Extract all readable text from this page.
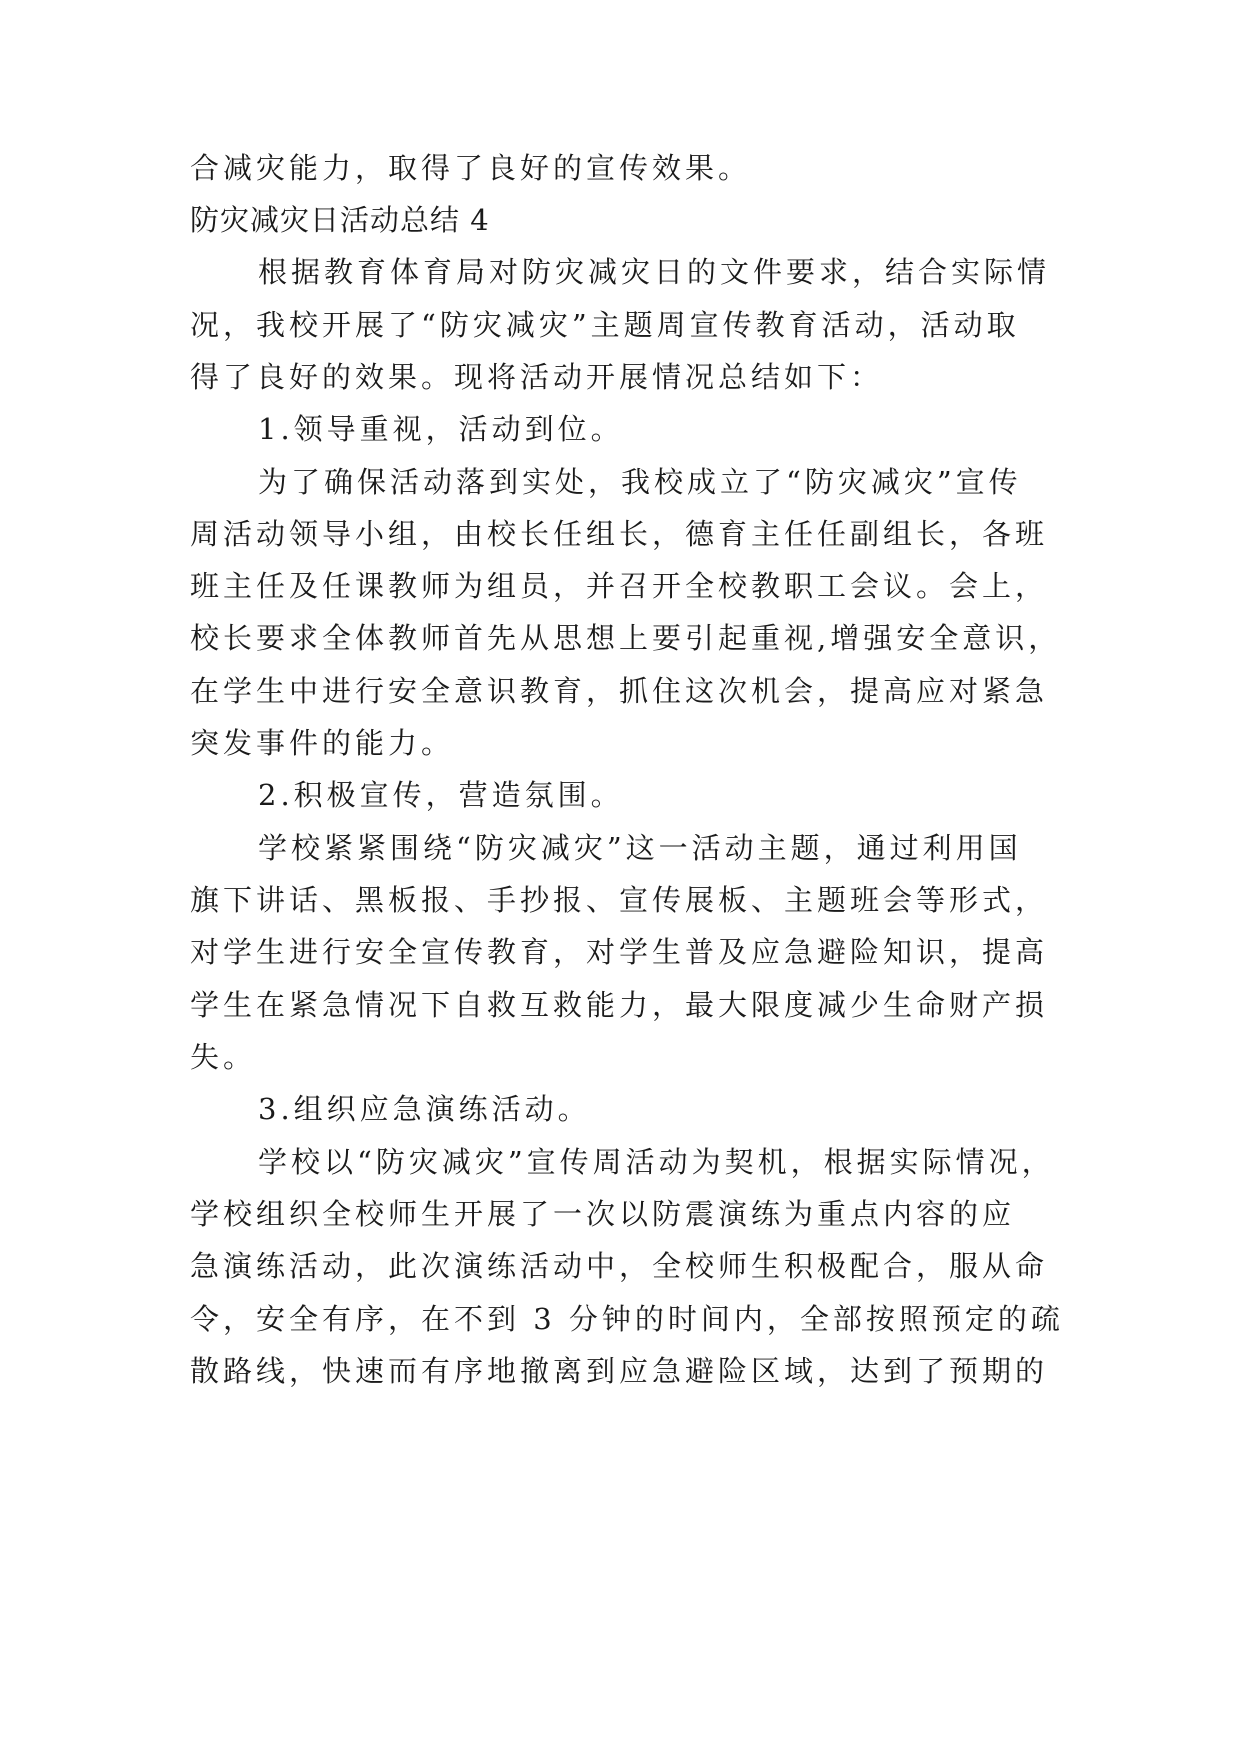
合减灾能力，取得了良好的宣传效果。
防灾减灾日活动总结 4
根据教育体育局对防灾减灾日的文件要求，结合实际情
况，我校开展了“防灾减灾”主题周宣传教育活动，活动取
得了良好的效果。现将活动开展情况总结如下：
1.领导重视，活动到位。
为了确保活动落到实处，我校成立了“防灾减灾”宣传
周活动领导小组，由校长任组长，德育主任任副组长，各班
班主任及任课教师为组员，并召开全校教职工会议。会上，
校长要求全体教师首先从思想上要引起重视,增强安全意识，
在学生中进行安全意识教育，抓住这次机会，提高应对紧急
突发事件的能力。
2.积极宣传，营造氛围。
学校紧紧围绕“防灾减灾”这一活动主题，通过利用国
旗下讲话、黑板报、手抄报、宣传展板、主题班会等形式，
对学生进行安全宣传教育，对学生普及应急避险知识，提高
学生在紧急情况下自救互救能力，最大限度减少生命财产损
失。
3.组织应急演练活动。
学校以“防灾减灾”宣传周活动为契机，根据实际情况，
学校组织全校师生开展了一次以防震演练为重点内容的应
急演练活动，此次演练活动中，全校师生积极配合，服从命
令，安全有序，在不到 3 分钟的时间内，全部按照预定的疏
散路线，快速而有序地撤离到应急避险区域，达到了预期的
